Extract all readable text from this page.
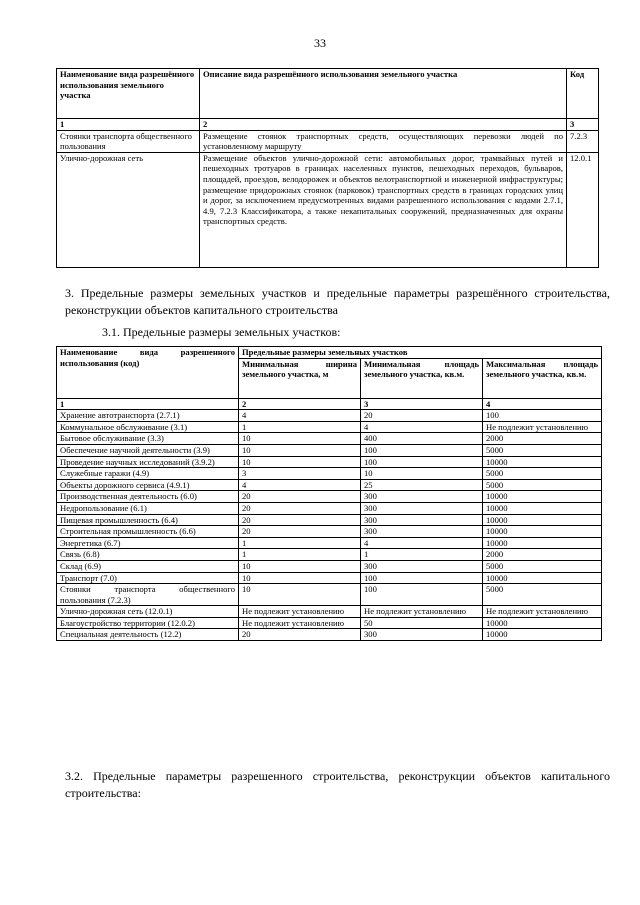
33
Наименование вида разрешённого использования земельного участка	Описание вида разрешённого использования земельного участка	Код
1	2	3
Стоянки транспорта общественного пользования	Размещение стоянок транспортных средств, осуществляющих перевозки людей по установленному маршруту	7.2.3
Улично-дорожная сеть	Размещение объектов улично-дорожной сети: автомобильных дорог, трамвайных путей и пешеходных тротуаров в границах населенных пунктов, пешеходных переходов, бульваров, площадей, проездов, велодорожек и объектов велотранспортной и инженерной инфраструктуры; размещение придорожных стоянок (парковок) транспортных средств в границах городских улиц и дорог, за исключением предусмотренных видами разрешенного использования с кодами 2.7.1, 4.9, 7.2.3 Классификатора, а также некапитальных сооружений, предназначенных для охраны транспортных средств.	12.0.1
3. Предельные размеры земельных участков и предельные параметры разрешённого строительства, реконструкции объектов капитального строительства
3.1. Предельные размеры земельных участков:
Наименование вида разрешенного использования (код)	Предельные размеры земельных участков		
	Минимальная ширина земельного участка, м	Минимальная площадь земельного участка, кв.м.	Максимальная площадь земельного участка, кв.м.
1	2	3	4
Хранение автотранспорта (2.7.1)	4	20	100
Коммунальное обслуживание (3.1)	1	4	Не подлежит установлению
Бытовое обслуживание (3.3)	10	400	2000
Обеспечение научной деятельности (3.9)	10	100	5000
Проведение научных исследований (3.9.2)	10	100	10000
Служебные гаражи (4.9)	3	10	5000
Объекты дорожного сервиса (4.9.1)	4	25	5000
Производственная деятельность (6.0)	20	300	10000
Недропользование (6.1)	20	300	10000
Пищевая промышленность (6.4)	20	300	10000
Строительная промышленность (6.6)	20	300	10000
Энергетика (6.7)	1	4	10000
Связь (6.8)	1	1	2000
Склад (6.9)	10	300	5000
Транспорт (7.0)	10	100	10000
Стоянки транспорта общественного пользования (7.2.3)	10	100	5000
Улично-дорожная сеть (12.0.1)	Не подлежит установлению	Не подлежит установлению	Не подлежит установлению
Благоустройство территории (12.0.2)	Не подлежит установлению	50	10000
Специальная деятельность (12.2)	20	300	10000
3.2. Предельные параметры разрешенного строительства, реконструкции объектов капитального строительства:
